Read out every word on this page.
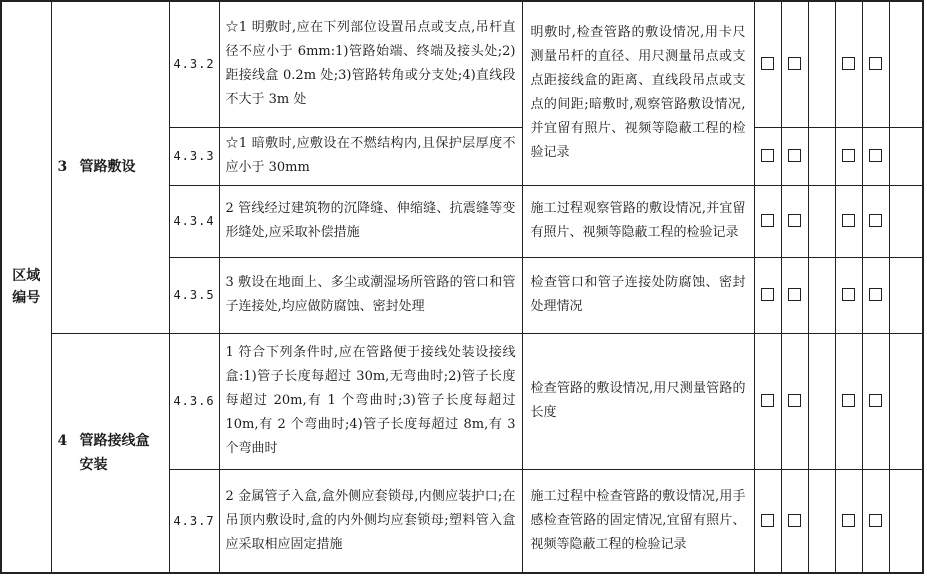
区域
编号	3 管路敷设	4.3.2	☆1 明敷时,应在下列部位设置吊点或支点,吊杆直径不应小于 6mm:1)管路始端、终端及接头处;2)距接线盒 0.2m 处;3)管路转角或分支处;4)直线段不大于 3m 处	明敷时,检查管路的敷设情况,用卡尺测量吊杆的直径、用尺测量吊点或支点距接线盒的距离、直线段吊点或支点的间距;暗敷时,观察管路敷设情况,并宜留有照片、视频等隐蔽工程的检验记录						
		4.3.3	☆1 暗敷时,应敷设在不燃结构内,且保护层厚度不应小于 30mm							
		4.3.4	2 管线经过建筑物的沉降缝、伸缩缝、抗震缝等变形缝处,应采取补偿措施	施工过程观察管路的敷设情况,并宜留有照片、视频等隐蔽工程的检验记录						
		4.3.5	3 敷设在地面上、多尘或潮湿场所管路的管口和管子连接处,均应做防腐蚀、密封处理	检查管口和管子连接处防腐蚀、密封处理情况						
	4 管路接线盒安装	4.3.6	1 符合下列条件时,应在管路便于接线处装设接线盒:1)管子长度每超过 30m,无弯曲时;2)管子长度每超过 20m,有 1 个弯曲时;3)管子长度每超过 10m,有 2 个弯曲时;4)管子长度每超过 8m,有 3 个弯曲时	检查管路的敷设情况,用尺测量管路的长度						
		4.3.7	2 金属管子入盒,盒外侧应套锁母,内侧应装护口;在吊顶内敷设时,盒的内外侧均应套锁母;塑料管入盒应采取相应固定措施	施工过程中检查管路的敷设情况,用手感检查管路的固定情况,宜留有照片、视频等隐蔽工程的检验记录						
